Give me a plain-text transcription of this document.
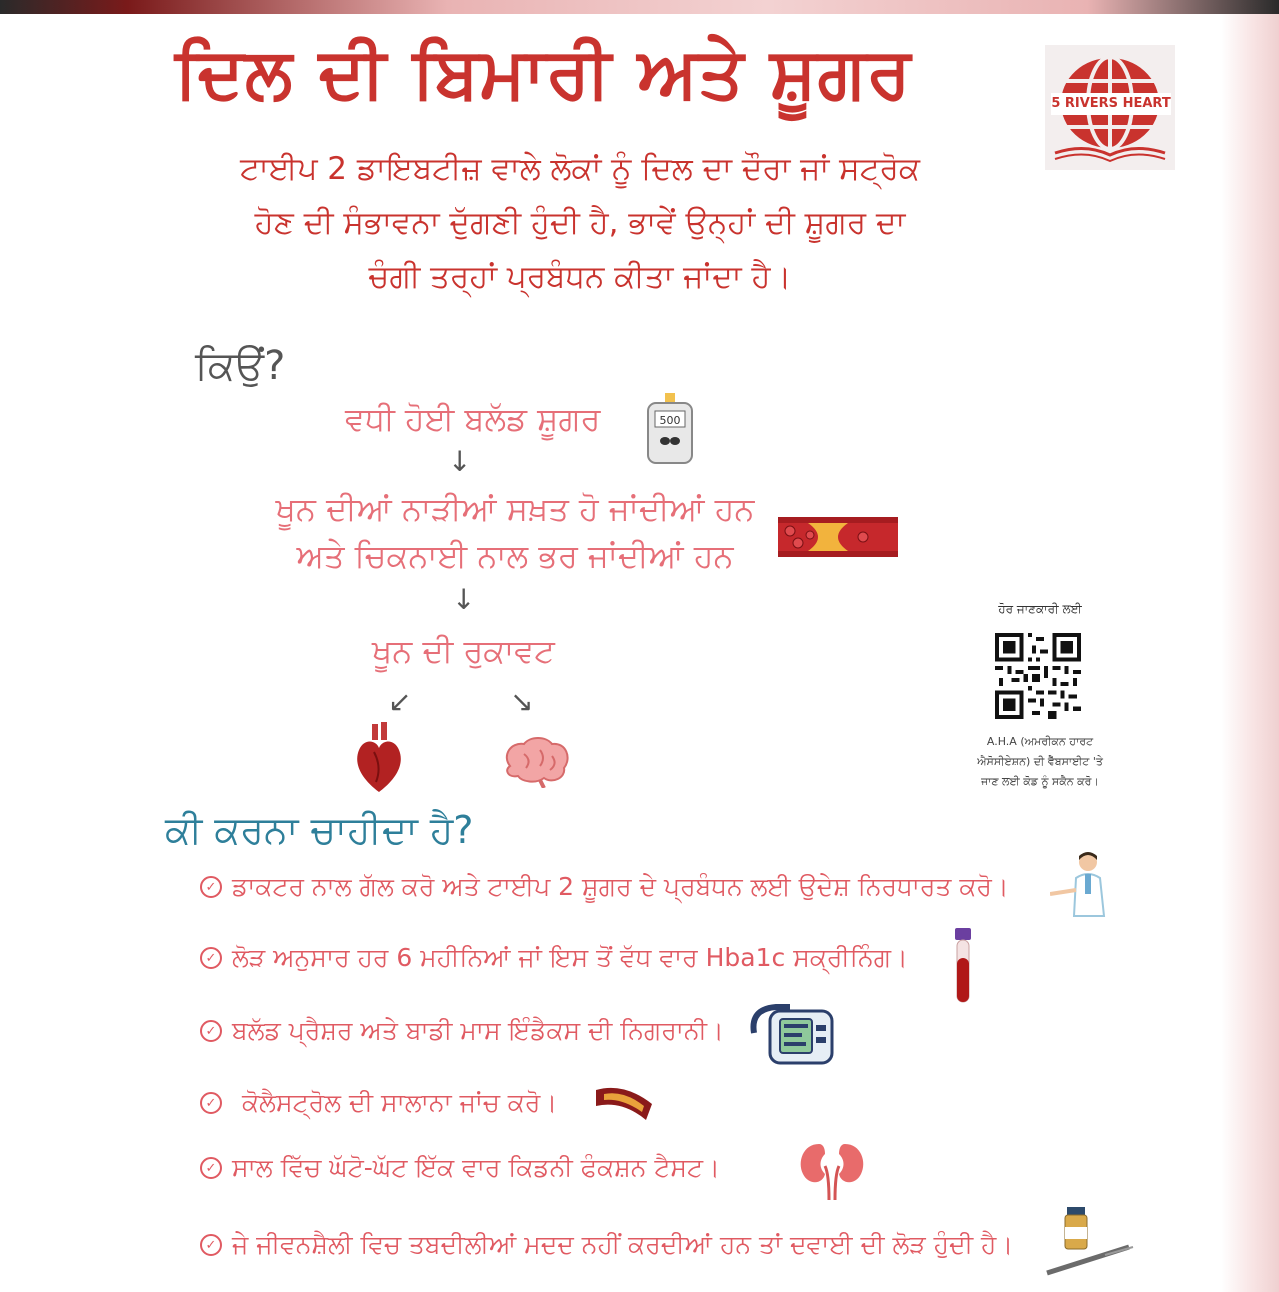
ਦਿਲ ਦੀ ਬਿਮਾਰੀ ਅਤੇ ਸ਼ੂਗਰ
ਟਾਈਪ 2 ਡਾਇਬਟੀਜ਼ ਵਾਲੇ ਲੋਕਾਂ ਨੂੰ ਦਿਲ ਦਾ ਦੌਰਾ ਜਾਂ ਸਟ੍ਰੋਕ
ਹੋਣ ਦੀ ਸੰਭਾਵਨਾ ਦੁੱਗਣੀ ਹੁੰਦੀ ਹੈ, ਭਾਵੇਂ ਉਨ੍ਹਾਂ ਦੀ ਸ਼ੂਗਰ ਦਾ
ਚੰਗੀ ਤਰ੍ਹਾਂ ਪ੍ਰਬੰਧਨ ਕੀਤਾ ਜਾਂਦਾ ਹੈ।
5 RIVERS HEART
ਕਿਉਂ?
ਵਧੀ ਹੋਈ ਬਲੱਡ ਸ਼ੂਗਰ	500
↓
ਖੂਨ ਦੀਆਂ ਨਾੜੀਆਂ ਸਖ਼ਤ ਹੋ ਜਾਂਦੀਆਂ ਹਨ
ਅਤੇ ਚਿਕਨਾਈ ਨਾਲ ਭਰ ਜਾਂਦੀਆਂ ਹਨ
↓
ਖੂਨ ਦੀ ਰੁਕਾਵਟ
↙	↘
ਹੋਰ ਜਾਣਕਾਰੀ ਲਈ
A.H.A (ਅਮਰੀਕਨ ਹਾਰਟ
ਐਸੋਸੀਏਸ਼ਨ) ਦੀ ਵੈੱਬਸਾਈਟ 'ਤੇ
ਜਾਣ ਲਈ ਕੋਡ ਨੂੰ ਸਕੈਨ ਕਰੋ।
ਕੀ ਕਰਨਾ ਚਾਹੀਦਾ ਹੈ?
✓ ਡਾਕਟਰ ਨਾਲ ਗੱਲ ਕਰੋ ਅਤੇ ਟਾਈਪ 2 ਸ਼ੂਗਰ ਦੇ ਪ੍ਰਬੰਧਨ ਲਈ ਉਦੇਸ਼ ਨਿਰਧਾਰਤ ਕਰੋ।
✓ ਲੋੜ ਅਨੁਸਾਰ ਹਰ 6 ਮਹੀਨਿਆਂ ਜਾਂ ਇਸ ਤੋਂ ਵੱਧ ਵਾਰ Hba1c ਸਕ੍ਰੀਨਿੰਗ।
✓ ਬਲੱਡ ਪ੍ਰੈਸ਼ਰ ਅਤੇ ਬਾਡੀ ਮਾਸ ਇੰਡੈਕਸ ਦੀ ਨਿਗਰਾਨੀ।
✓ ਕੋਲੈਸਟ੍ਰੋਲ ਦੀ ਸਾਲਾਨਾ ਜਾਂਚ ਕਰੋ।
✓ ਸਾਲ ਵਿੱਚ ਘੱਟੋ-ਘੱਟ ਇੱਕ ਵਾਰ ਕਿਡਨੀ ਫੰਕਸ਼ਨ ਟੈਸਟ।
✓ ਜੇ ਜੀਵਨਸ਼ੈਲੀ ਵਿਚ ਤਬਦੀਲੀਆਂ ਮਦਦ ਨਹੀਂ ਕਰਦੀਆਂ ਹਨ ਤਾਂ ਦਵਾਈ ਦੀ ਲੋੜ ਹੁੰਦੀ ਹੈ।
